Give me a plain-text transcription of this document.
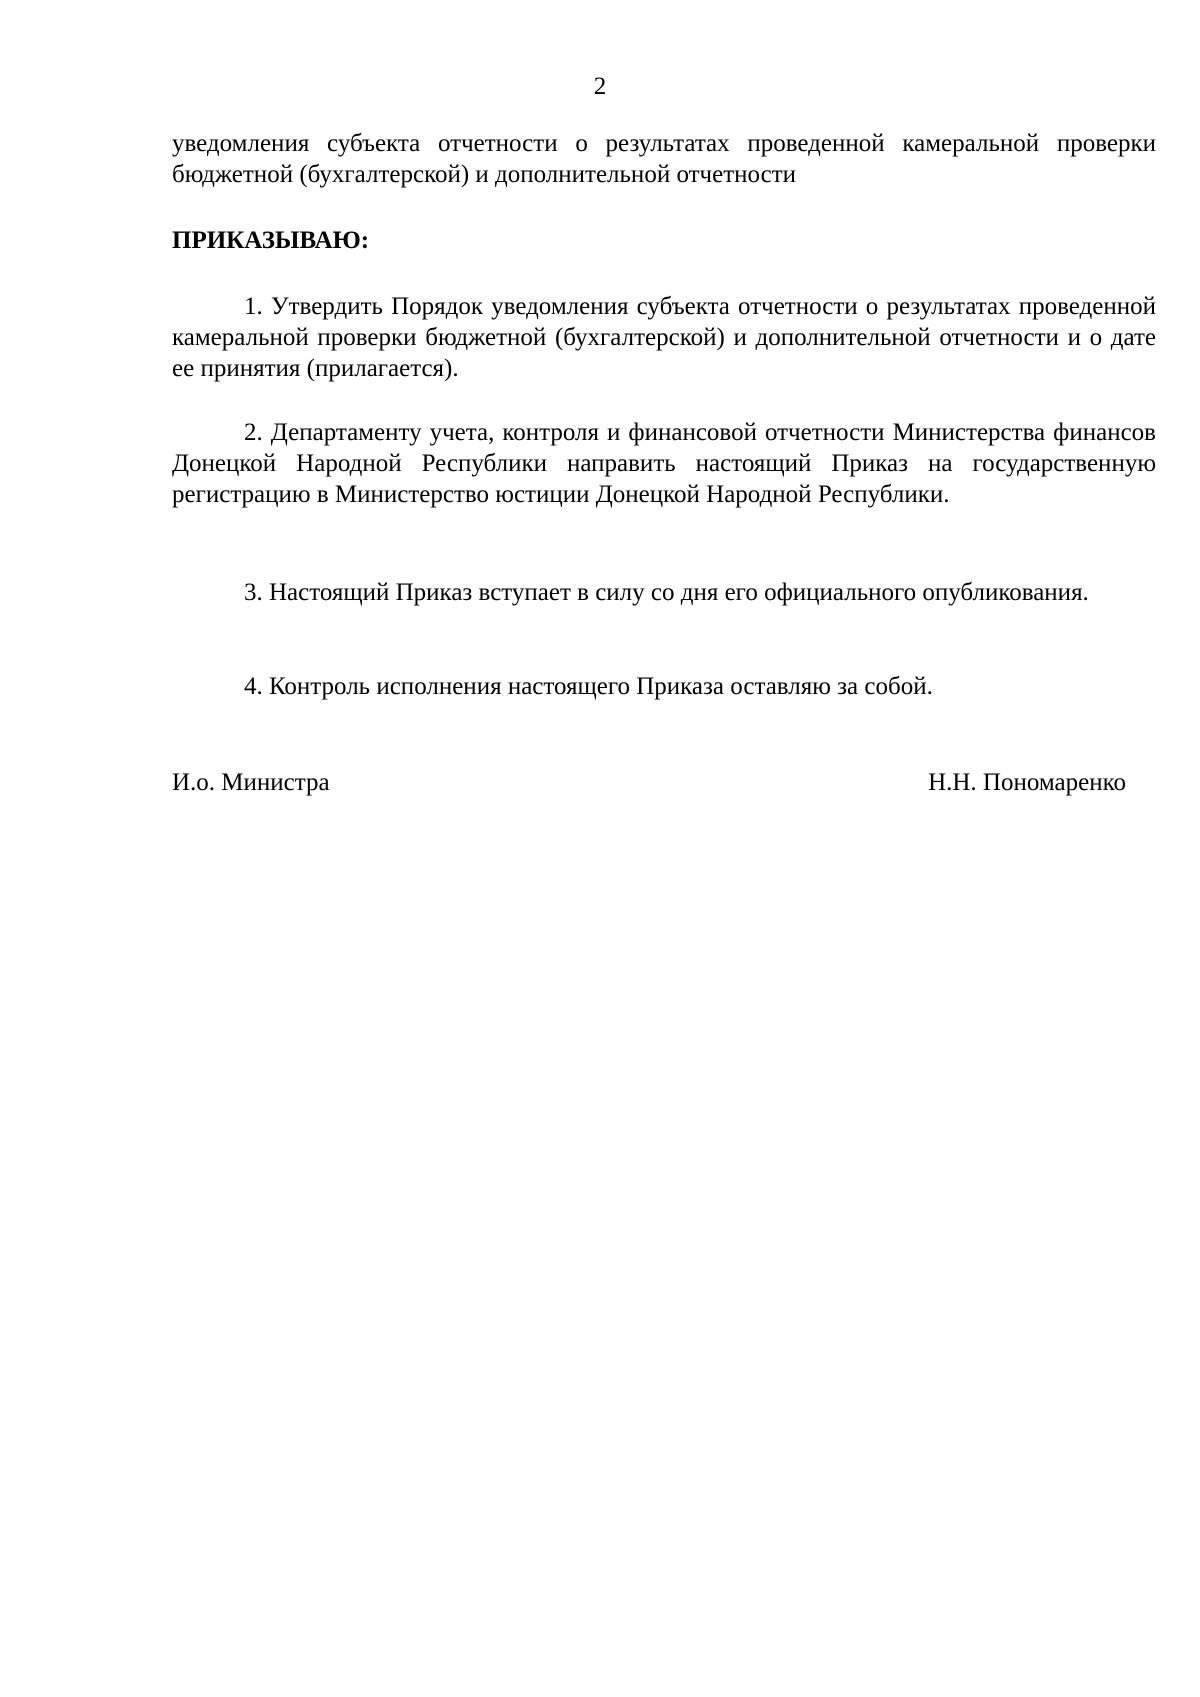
2

уведомления субъекта отчетности о результатах проведенной камеральной проверки бюджетной (бухгалтерской) и дополнительной отчетности

ПРИКАЗЫВАЮ:

1. Утвердить Порядок уведомления субъекта отчетности о результатах проведенной камеральной проверки бюджетной (бухгалтерской) и дополнительной отчетности и о дате ее принятия (прилагается).

2. Департаменту учета, контроля и финансовой отчетности Министерства финансов Донецкой Народной Республики направить настоящий Приказ на государственную регистрацию в Министерство юстиции Донецкой Народной Республики.

3. Настоящий Приказ вступает в силу со дня его официального опубликования.

4. Контроль исполнения настоящего Приказа оставляю за собой.

И.о. Министра	Н.Н. Пономаренко
